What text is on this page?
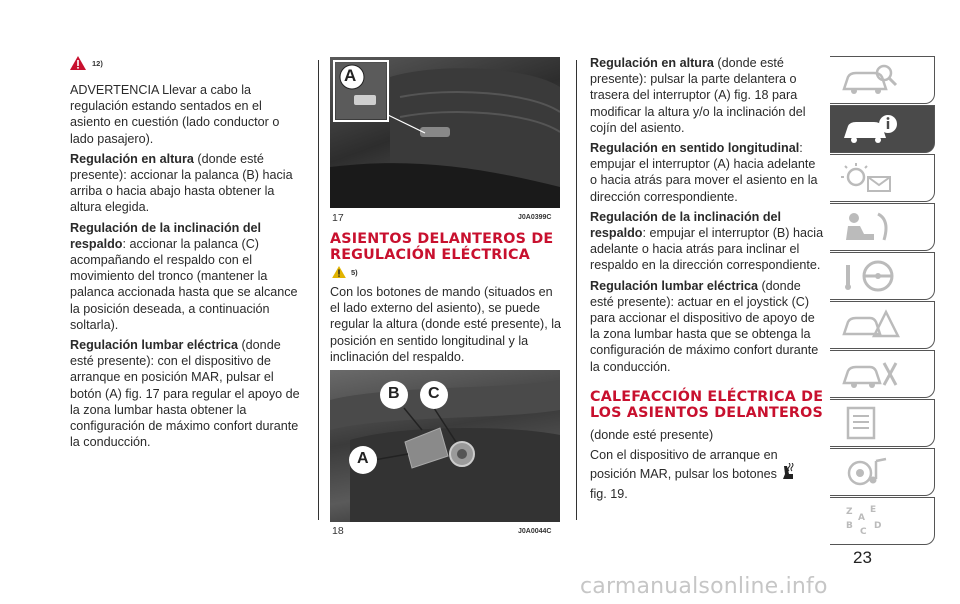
12)

ADVERTENCIA Llevar a cabo la regulación estando sentados en el asiento en cuestión (lado conductor o lado pasajero).

Regulación en altura (donde esté presente): accionar la palanca (B) hacia arriba o hacia abajo hasta obtener la altura elegida.

Regulación de la inclinación del respaldo: accionar la palanca (C) acompañando el respaldo con el movimiento del tronco (mantener la palanca accionada hasta que se alcance la posición deseada, a continuación soltarla).

Regulación lumbar eléctrica (donde esté presente): con el dispositivo de arranque en posición MAR, pulsar el botón (A) fig. 17 para regular el apoyo de la zona lumbar hasta obtener la configuración de máximo confort durante la conducción.

A
17	J0A0399C
ASIENTOS DELANTEROS DE REGULACIÓN ELÉCTRICA
5)

Con los botones de mando (situados en el lado externo del asiento), se puede regular la altura (donde esté presente), la posición en sentido longitudinal y la inclinación del respaldo.

B C
A
18	J0A0044C

Regulación en altura (donde esté presente): pulsar la parte delantera o trasera del interruptor (A) fig. 18 para modificar la altura y/o la inclinación del cojín del asiento.

Regulación en sentido longitudinal: empujar el interruptor (A) hacia adelante o hacia atrás para mover el asiento en la dirección correspondiente.

Regulación de la inclinación del respaldo: empujar el interruptor (B) hacia adelante o hacia atrás para inclinar el respaldo en la dirección correspondiente.

Regulación lumbar eléctrica (donde esté presente): actuar en el joystick (C) para accionar el dispositivo de apoyo de la zona lumbar hasta que se obtenga la configuración de máximo confort durante la conducción.

CALEFACCIÓN ELÉCTRICA DE LOS ASIENTOS DELANTEROS

(donde esté presente)

Con el dispositivo de arranque en posición MAR, pulsar los botones

fig. 19.

Z
A
E
B
C
D
23
carmanualsonline.info
